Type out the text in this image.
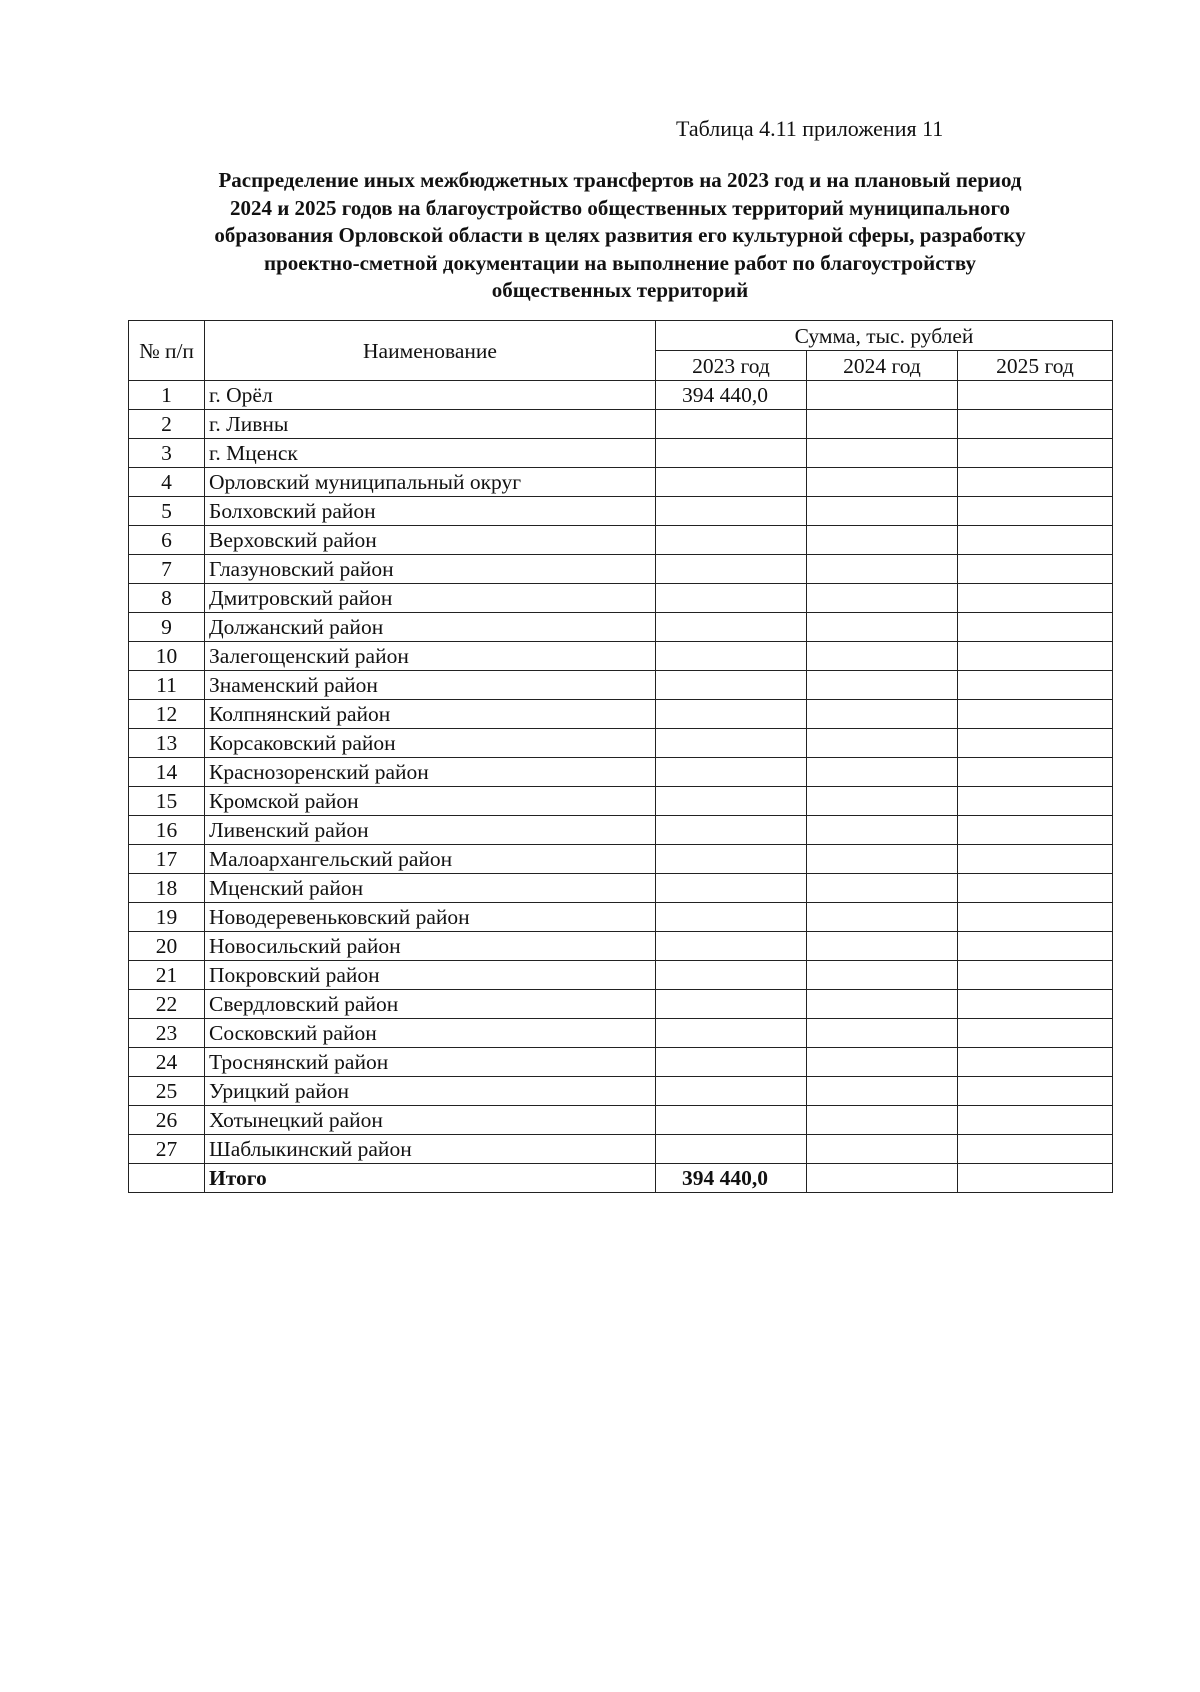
Таблица 4.11 приложения 11
Распределение иных межбюджетных трансфертов на 2023 год и на плановый период
2024 и 2025 годов на благоустройство общественных территорий муниципального
образования Орловской области в целях развития его культурной сферы, разработку
проектно-сметной документации на выполнение работ по благоустройству
общественных территорий
№ п/п	Наименование	Сумма, тыс. рублей		
		2023 год	2024 год	2025 год
1	г. Орёл	394 440,0		
2	г. Ливны			
3	г. Мценск			
4	Орловский муниципальный округ			
5	Болховский район			
6	Верховский район			
7	Глазуновский район			
8	Дмитровский район			
9	Должанский район			
10	Залегощенский район			
11	Знаменский район			
12	Колпнянский район			
13	Корсаковский район			
14	Краснозоренский район			
15	Кромской район			
16	Ливенский район			
17	Малоархангельский район			
18	Мценский район			
19	Новодеревеньковский район			
20	Новосильский район			
21	Покровский район			
22	Свердловский район			
23	Сосковский район			
24	Троснянский район			
25	Урицкий район			
26	Хотынецкий район			
27	Шаблыкинский район			
	Итого	394 440,0		
